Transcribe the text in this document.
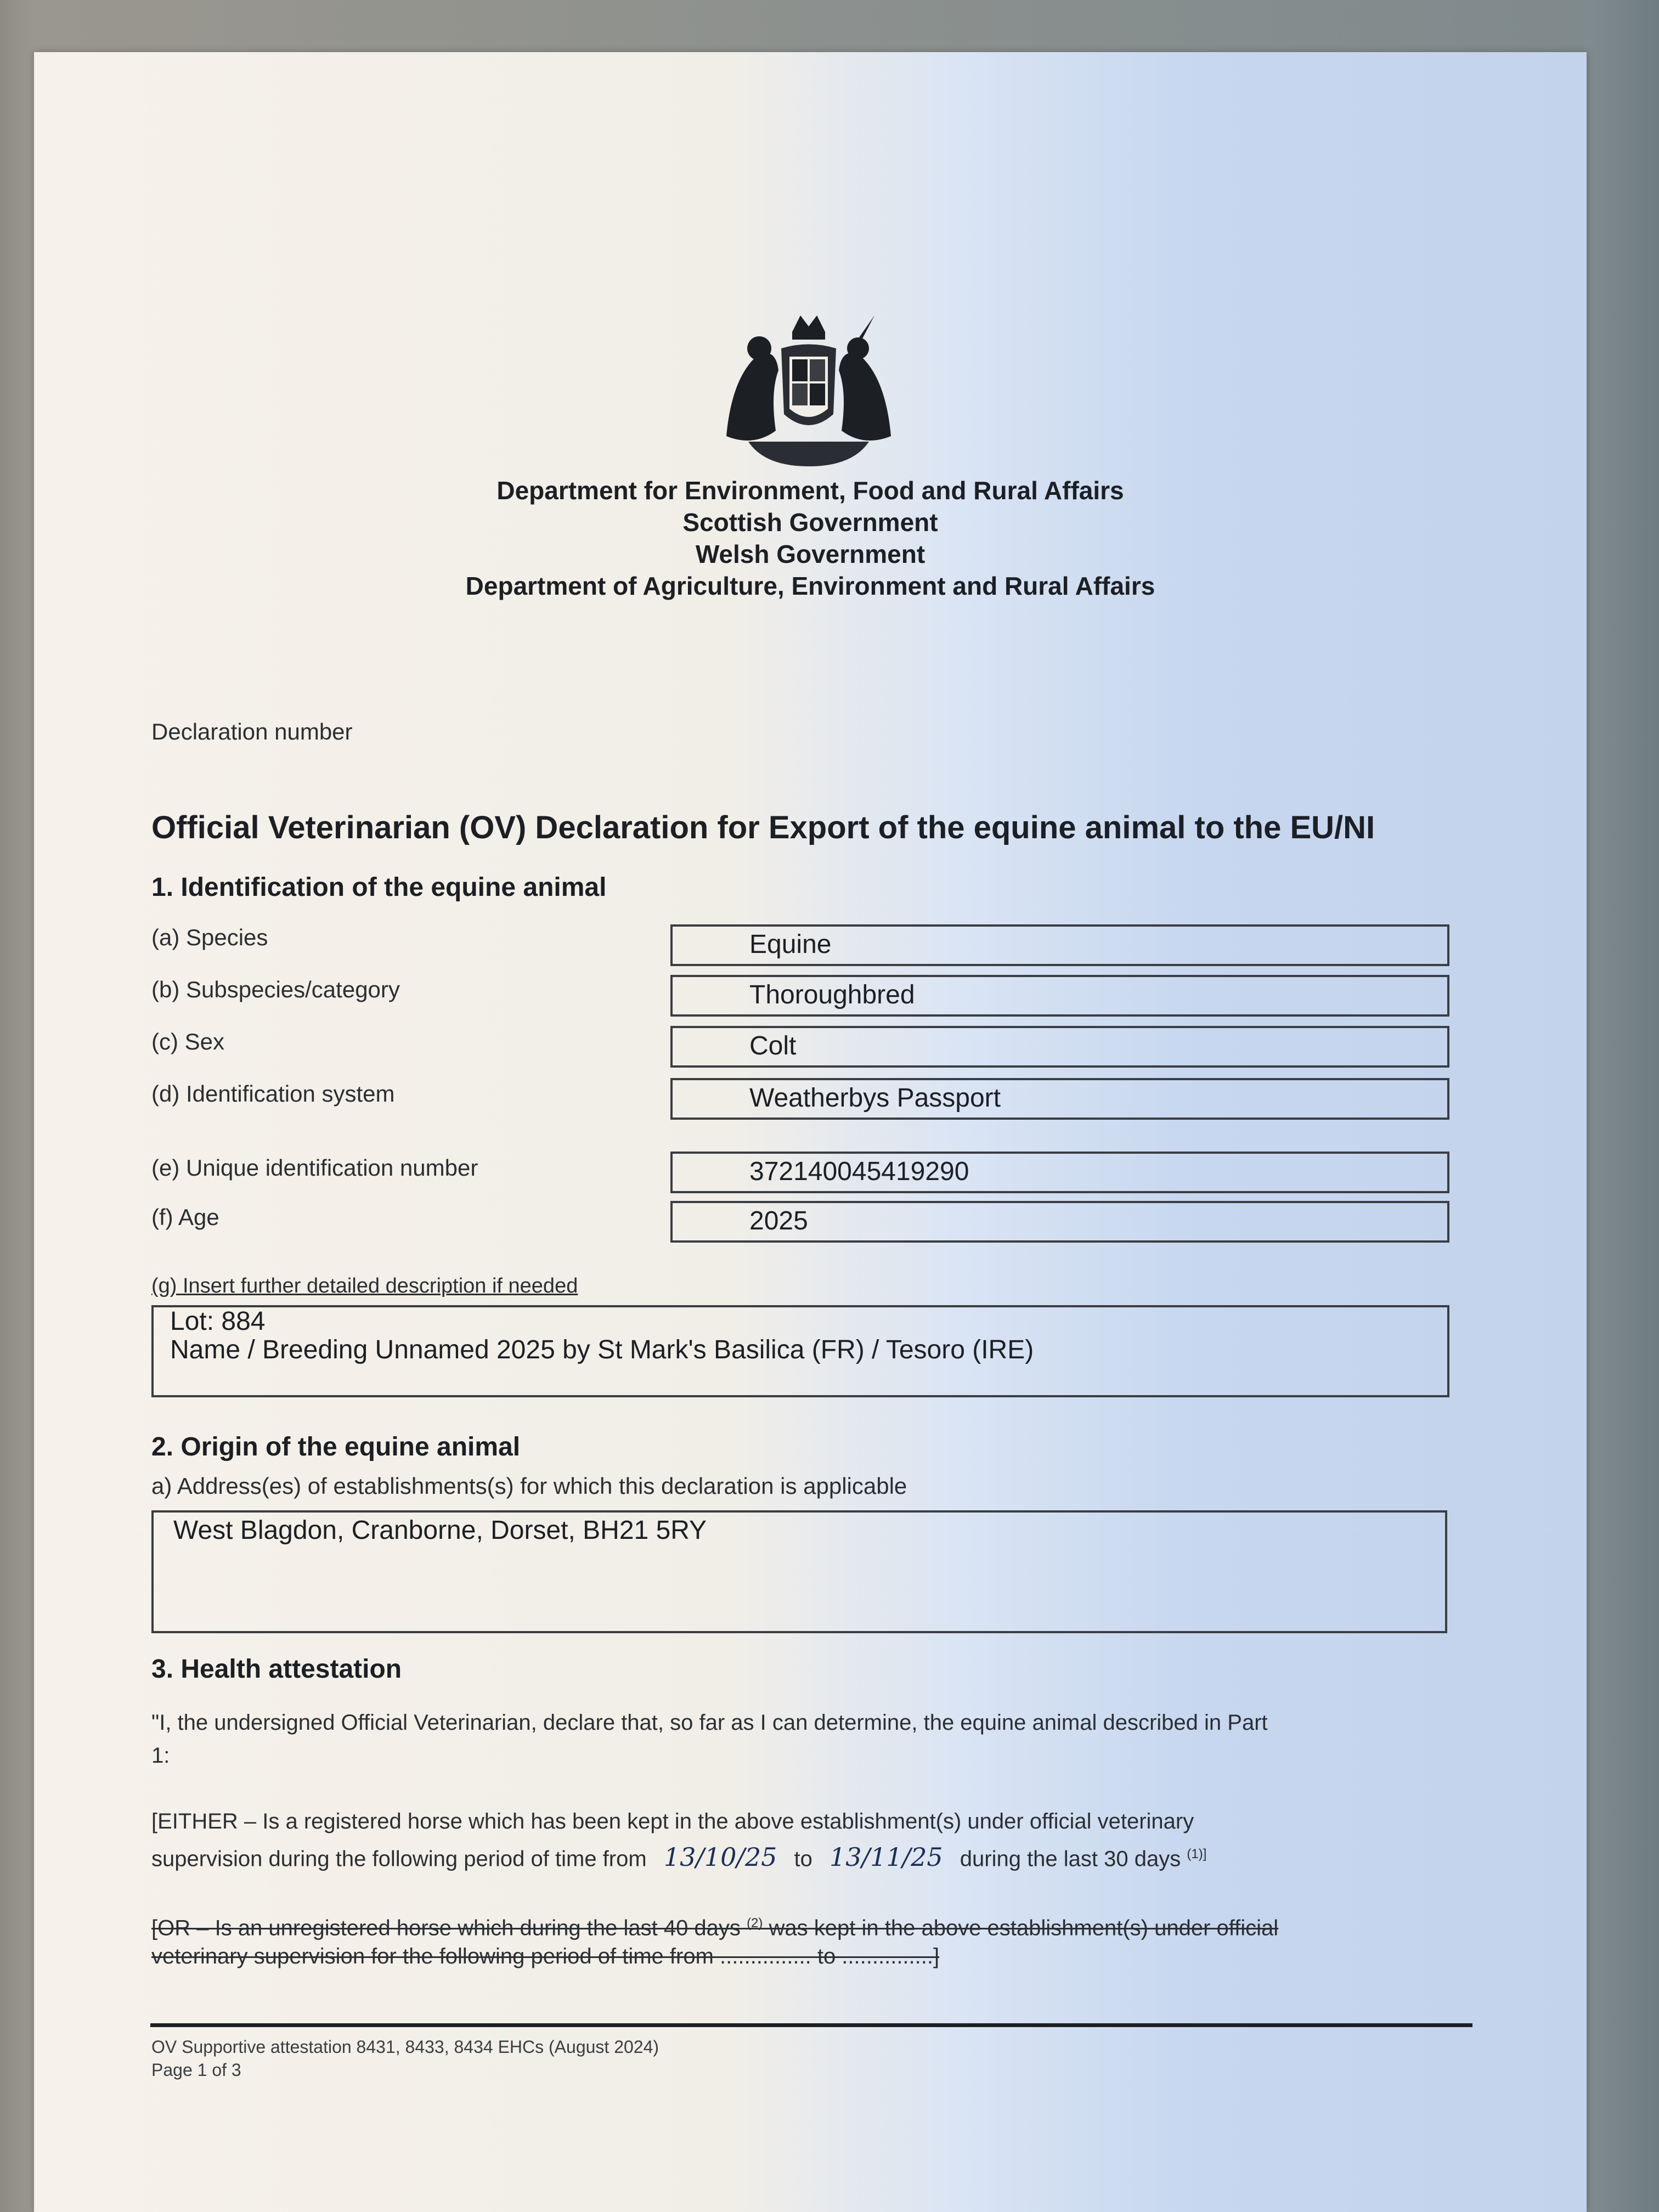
Department for Environment, Food and Rural Affairs
Scottish Government
Welsh Government
Department of Agriculture, Environment and Rural Affairs
Declaration number
Official Veterinarian (OV) Declaration for Export of the equine animal to the EU/NI
1. Identification of the equine animal
(a) Species	Equine
(b) Subspecies/category	Thoroughbred
(c) Sex	Colt
(d) Identification system	Weatherbys Passport
(e) Unique identification number	372140045419290
(f) Age	2025
(g) Insert further detailed description if needed
Lot: 884
Name / Breeding Unnamed 2025 by St Mark's Basilica (FR) / Tesoro (IRE)
2. Origin of the equine animal
a) Address(es) of establishments(s) for which this declaration is applicable
West Blagdon, Cranborne, Dorset, BH21 5RY
3. Health attestation
"I, the undersigned Official Veterinarian, declare that, so far as I can determine, the equine animal described in Part
1:
[EITHER – Is a registered horse which has been kept in the above establishment(s) under official veterinary
supervision during the following period of time from 13/10/25 to 13/11/25 during the last 30 days $^{(1)]}$
[OR – Is an unregistered horse which during the last 40 days $^{(2)}$ was kept in the above establishment(s) under official
veterinary supervision for the following period of time from ............... to ...............]
OV Supportive attestation 8431, 8433, 8434 EHCs (August 2024)
Page 1 of 3
